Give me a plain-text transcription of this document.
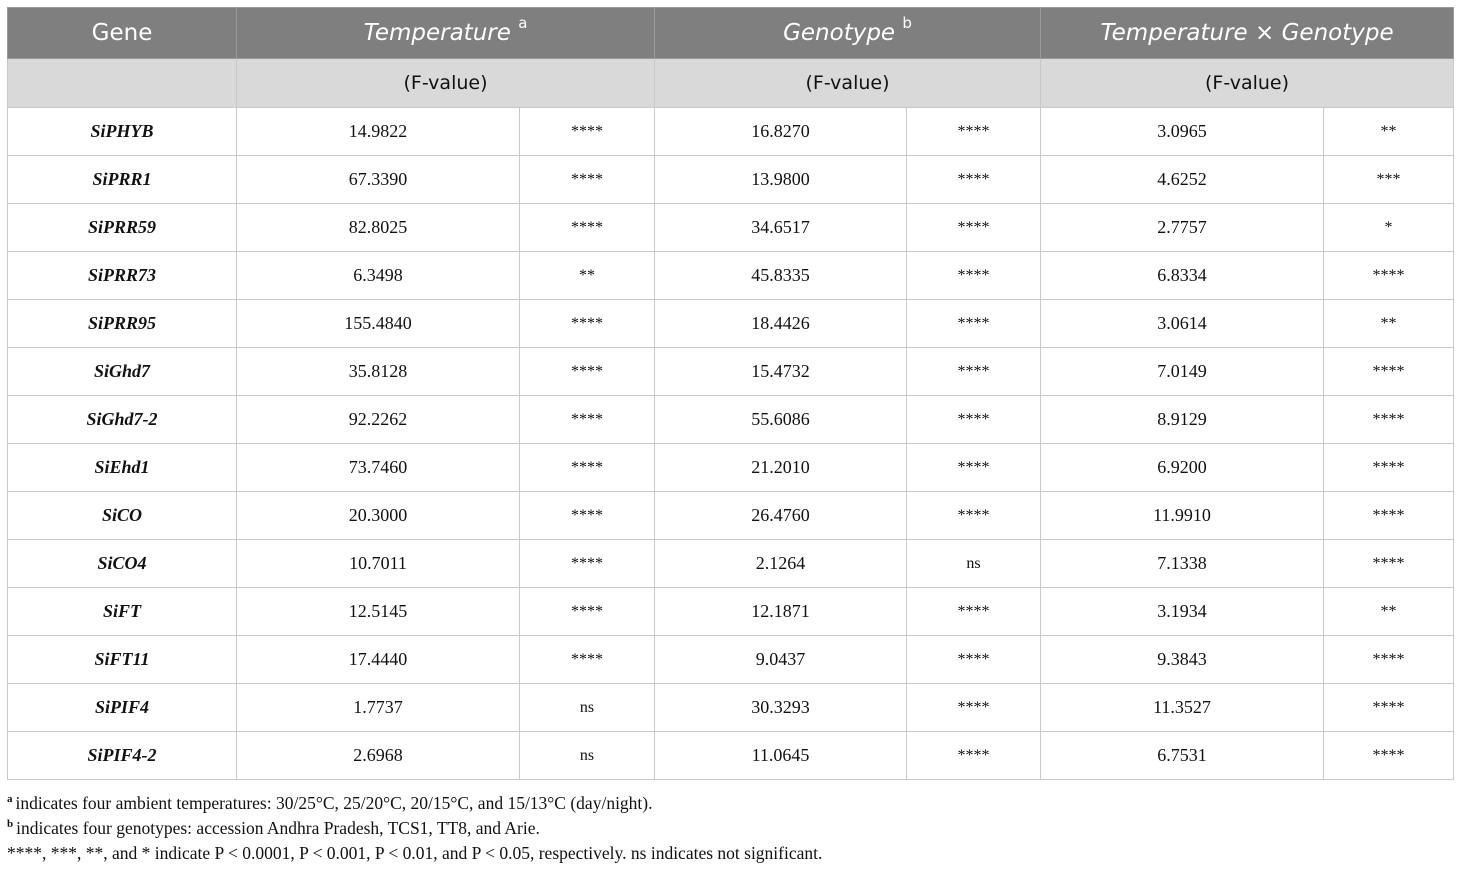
Gene	Temperature $^a$		Genotype $^b$		Temperature × Genotype	
	(F-value)		(F-value)		(F-value)	
SiPHYB	14.9822	****	16.8270	****	3.0965	**
SiPRR1	67.3390	****	13.9800	****	4.6252	***
SiPRR59	82.8025	****	34.6517	****	2.7757	*
SiPRR73	6.3498	**	45.8335	****	6.8334	****
SiPRR95	155.4840	****	18.4426	****	3.0614	**
SiGhd7	35.8128	****	15.4732	****	7.0149	****
SiGhd7-2	92.2262	****	55.6086	****	8.9129	****
SiEhd1	73.7460	****	21.2010	****	6.9200	****
SiCO	20.3000	****	26.4760	****	11.9910	****
SiCO4	10.7011	****	2.1264	ns	7.1338	****
SiFT	12.5145	****	12.1871	****	3.1934	**
SiFT11	17.4440	****	9.0437	****	9.3843	****
SiPIF4	1.7737	ns	30.3293	****	11.3527	****
SiPIF4-2	2.6968	ns	11.0645	****	6.7531	****
$^a$ indicates four ambient temperatures: 30/25°C, 25/20°C, 20/15°C, and 15/13°C (day/night).
$^b$ indicates four genotypes: accession Andhra Pradesh, TCS1, TT8, and Arie.
****, ***, **, and * indicate P < 0.0001, P < 0.001, P < 0.01, and P < 0.05, respectively. ns indicates not significant.
